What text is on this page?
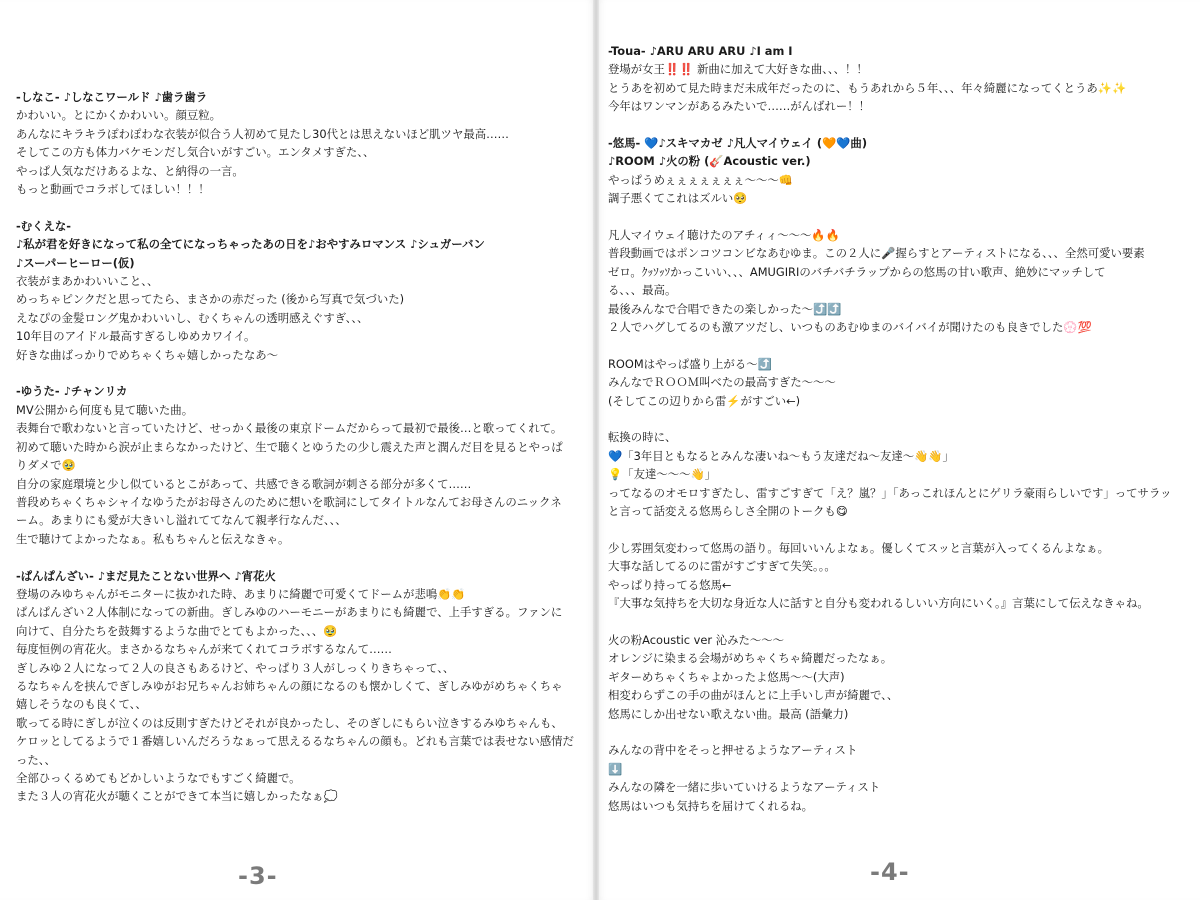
-しなこ- ♪しなこワールド ♪歯ラ歯ラ
かわいい。とにかくかわいい。顔豆粒。
あんなにキラキラぽわぽわな衣装が似合う人初めて見たし30代とは思えないほど肌ツヤ最高……
そしてこの方も体力バケモンだし気合いがすごい。エンタメすぎた、、
やっぱ人気なだけあるよな、と納得の一言。
もっと動画でコラボしてほしい！！！
-むくえな-
♪私が君を好きになって私の全てになっちゃったあの日を♪おやすみロマンス ♪シュガーバン
♪スーパーヒーロー(仮)
衣装がまあかわいいこと、、
めっちゃピンクだと思ってたら、まさかの赤だった (後から写真で気づいた)
えなぴの金髪ロング鬼かわいいし、むくちゃんの透明感えぐすぎ、、、
10年目のアイドル最高すぎるしゆめカワイイ。
好きな曲ばっかりでめちゃくちゃ嬉しかったなあ〜
-ゆうた- ♪チャンリカ
MV公開から何度も見て聴いた曲。
表舞台で歌わないと言っていたけど、せっかく最後の東京ドームだからって最初で最後…と歌ってくれて。
初めて聴いた時から涙が止まらなかったけど、生で聴くとゆうたの少し震えた声と潤んだ目を見るとやっぱ
りダメで🥹
自分の家庭環境と少し似ているとこがあって、共感できる歌詞が刺さる部分が多くて……
普段めちゃくちゃシャイなゆうたがお母さんのために想いを歌詞にしてタイトルなんてお母さんのニックネ
ーム。あまりにも愛が大きいし溢れててなんて親孝行なんだ、、、
生で聴けてよかったなぁ。私もちゃんと伝えなきゃ。
-ぱんぱんざい- ♪まだ見たことない世界へ ♪宵花火
登場のみゆちゃんがモニターに抜かれた時、あまりに綺麗で可愛くてドームが悲鳴👏👏
ぱんぱんざい２人体制になっての新曲。ぎしみゆのハーモニーがあまりにも綺麗で、上手すぎる。ファンに
向けて、自分たちを鼓舞するような曲でとてもよかった、、、🥹
毎度恒例の宵花火。まさかるなちゃんが来てくれてコラボするなんて……
ぎしみゆ２人になって２人の良さもあるけど、やっぱり３人がしっくりきちゃって、、
るなちゃんを挟んでぎしみゆがお兄ちゃんお姉ちゃんの顔になるのも懐かしくて、ぎしみゆがめちゃくちゃ
嬉しそうなのも良くて、、
歌ってる時にぎしが泣くのは反則すぎたけどそれが良かったし、そのぎしにもらい泣きするみゆちゃんも、
ケロッとしてるようで１番嬉しいんだろうなぁって思えるるなちゃんの顔も。どれも言葉では表せない感情だ
った、、
全部ひっくるめてもどかしいようなでもすごく綺麗で。
また３人の宵花火が聴くことができて本当に嬉しかったなぁ💭
-3-
-Toua- ♪ARU ARU ARU ♪I am I
登場が女王‼️‼️ 新曲に加えて大好きな曲、、、！！
とうあを初めて見た時まだ未成年だったのに、もうあれから５年、、、年々綺麗になってくとうあ✨✨
今年はワンマンがあるみたいで……がんばれー！！
-悠馬- 💙♪スキマカゼ ♪凡人マイウェイ (🧡💙曲)
♪ROOM ♪火の粉 (🎸Acoustic ver.)
やっぱうめぇぇぇぇぇぇぇ〜〜〜👊
調子悪くてこれはズルい🥺
凡人マイウェイ聴けたのアチィィ〜〜〜🔥🔥
普段動画ではポンコツコンビなあむゆま。この２人に🎤握らすとアーティストになる、、、全然可愛い要素
ゼロ。ｸｯｿｯｿかっこいい、、、AMUGIRIのバチバチラップからの悠馬の甘い歌声、絶妙にマッチして
る、、、最高。
最後みんなで合唱できたの楽しかった〜⤴️⤴️
２人でハグしてるのも激アツだし、いつものあむゆまのバイバイが聞けたのも良きでした💮💯
ROOMはやっぱ盛り上がる〜⤴️
みんなでＲＯＯＭ叫べたの最高すぎた〜〜〜
(そしてこの辺りから雷⚡️がすごい←)
転換の時に、
💙「3年目ともなるとみんな凄いね〜もう友達だね〜友達〜👋👋」
💡「友達〜〜〜👋」
ってなるのオモロすぎたし、雷すごすぎて「え？嵐？」「あっこれほんとにゲリラ豪雨らしいです」ってサラッ
と言って話変える悠馬らしさ全開のトークも😋
少し雰囲気変わって悠馬の語り。毎回いいんよなぁ。優しくてスッと言葉が入ってくるんよなぁ。
大事な話してるのに雷がすごすぎて失笑。。。
やっぱり持ってる悠馬←
『大事な気持ちを大切な身近な人に話すと自分も変われるしいい方向にいく。』言葉にして伝えなきゃね。
火の粉Acoustic ver 沁みた〜〜〜
オレンジに染まる会場がめちゃくちゃ綺麗だったなぁ。
ギターめちゃくちゃよかったよ悠馬〜〜(大声)
相変わらずこの手の曲がほんとに上手いし声が綺麗で、、
悠馬にしか出せない歌えない曲。最高 (語彙力)
みんなの背中をそっと押せるようなアーティスト
⬇️
みんなの隣を一緒に歩いていけるようなアーティスト
悠馬はいつも気持ちを届けてくれるね。
-4-
